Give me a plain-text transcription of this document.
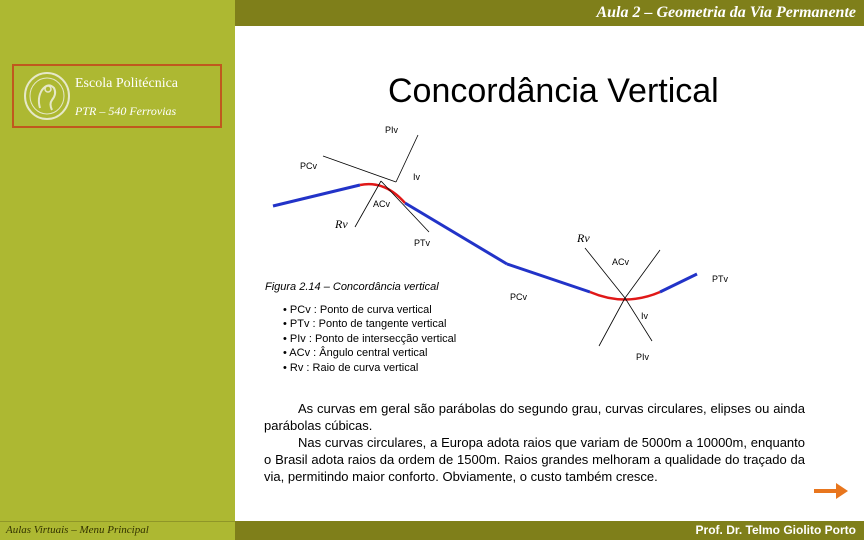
Aula 2 – Geometria da Via Permanente
Escola Politécnica
PTR – 540 Ferrovias
Concordância Vertical
PIv
PCv
Iv
ACv
Rv
PTv	Rv
ACv
PTv
PCv
Iv
PIv
Figura 2.14 – Concordância vertical
• PCv : Ponto de curva vertical
• PTv : Ponto de tangente vertical
• PIv : Ponto de intersecção vertical
• ACv : Ângulo central vertical
• Rv : Raio de curva vertical

As curvas em geral são parábolas do segundo grau, curvas circulares, elipses ou ainda parábolas cúbicas.

Nas curvas circulares, a Europa adota raios que variam de 5000m a 10000m, enquanto o Brasil adota raios da ordem de 1500m. Raios grandes melhoram a qualidade do traçado da via, permitindo maior conforto. Obviamente, o custo também cresce.

Aulas Virtuais – Menu Principal	Prof. Dr. Telmo Giolito Porto
